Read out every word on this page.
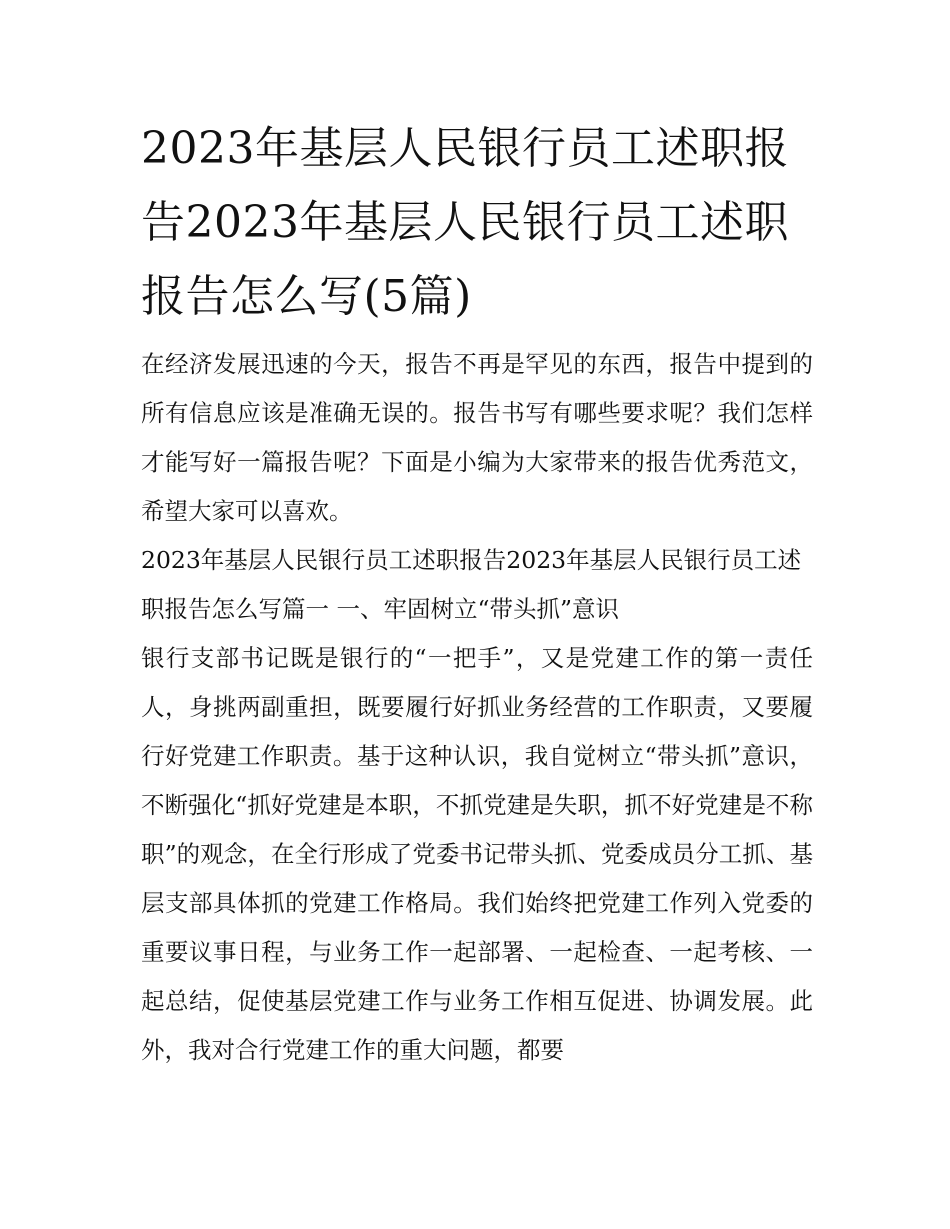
2023年基层人民银行员工述职报告2023年基层人民银行员工述职报告怎么写(5篇)

在经济发展迅速的今天，报告不再是罕见的东西，报告中提到的所有信息应该是准确无误的。报告书写有哪些要求呢？我们怎样才能写好一篇报告呢？下面是小编为大家带来的报告优秀范文，希望大家可以喜欢。

2023年基层人民银行员工述职报告2023年基层人民银行员工述职报告怎么写篇一 一、牢固树立“带头抓”意识

银行支部书记既是银行的“一把手”，又是党建工作的第一责任人，身挑两副重担，既要履行好抓业务经营的工作职责，又要履行好党建工作职责。基于这种认识，我自觉树立“带头抓”意识，不断强化“抓好党建是本职，不抓党建是失职，抓不好党建是不称职”的观念，在全行形成了党委书记带头抓、党委成员分工抓、基层支部具体抓的党建工作格局。我们始终把党建工作列入党委的重要议事日程，与业务工作一起部署、一起检查、一起考核、一起总结，促使基层党建工作与业务工作相互促进、协调发展。此外，我对合行党建工作的重大问题，都要
